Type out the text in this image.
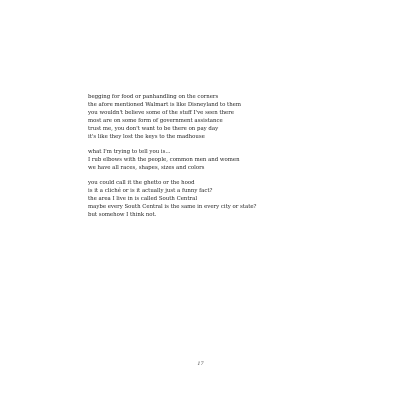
begging for food or panhandling on the corners
the afore mentioned Walmart is like Disneyland to them
you wouldn't believe some of the stuff I've seen there
most are on some form of government assistance
trust me, you don't want to be there on pay day
it's like they lost the keys to the madhouse
what I'm trying to tell you is...
I rub elbows with the people, common men and women
we have all races, shapes, sizes and colors
you could call it the ghetto or the hood
is it a cliché or is it actually just a funny fact?
the area I live in is called South Central
maybe every South Central is the same in every city or state?
but somehow I think not.
17
